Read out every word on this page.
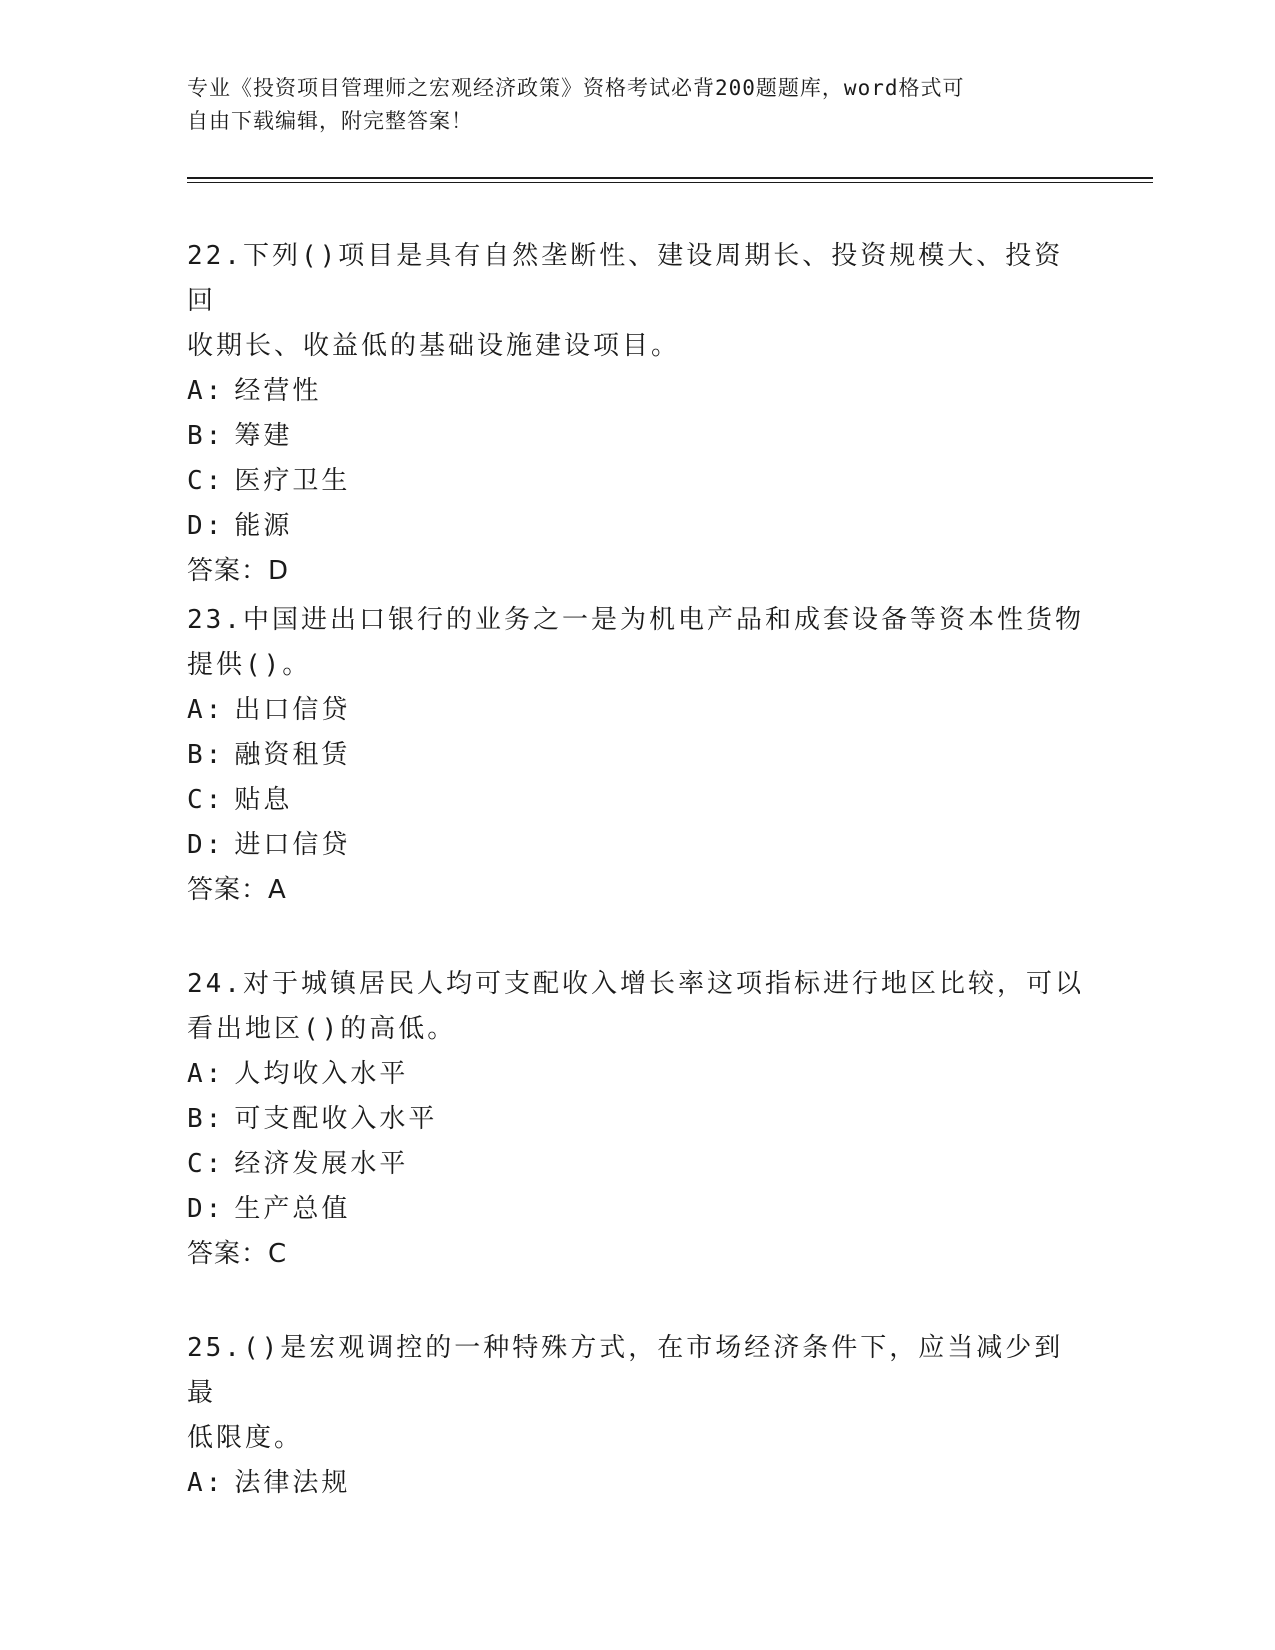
专业《投资项目管理师之宏观经济政策》资格考试必背200题题库，word格式可
自由下载编辑，附完整答案！

22.下列()项目是具有自然垄断性、建设周期长、投资规模大、投资回
收期长、收益低的基础设施建设项目。

A: 经营性

B: 筹建

C: 医疗卫生

D: 能源

答案：D

23.中国进出口银行的业务之一是为机电产品和成套设备等资本性货物
提供()。

A: 出口信贷

B: 融资租赁

C: 贴息

D: 进口信贷

答案：A

24.对于城镇居民人均可支配收入增长率这项指标进行地区比较，可以
看出地区()的高低。

A: 人均收入水平

B: 可支配收入水平

C: 经济发展水平

D: 生产总值

答案：C

25.()是宏观调控的一种特殊方式，在市场经济条件下，应当减少到最
低限度。

A: 法律法规
